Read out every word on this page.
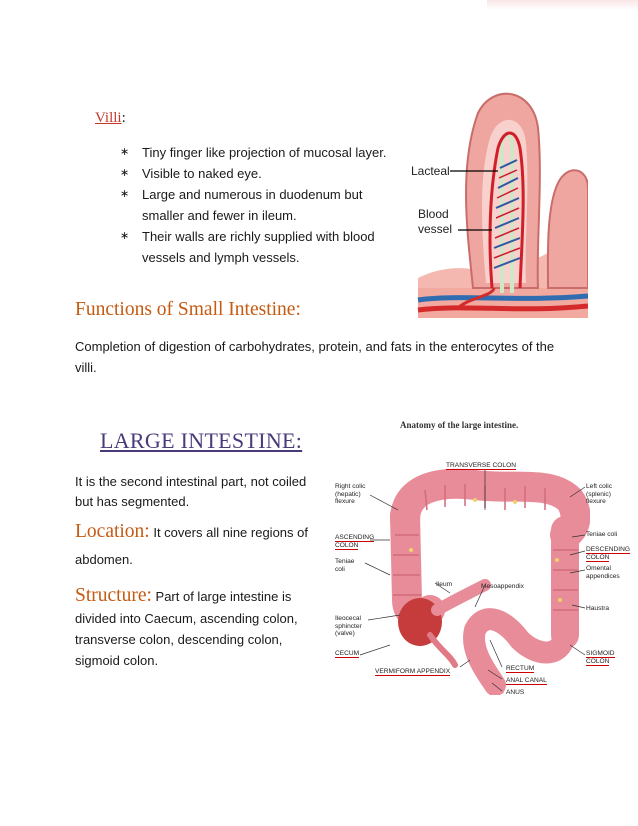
Villi:
∗ Tiny finger like projection of mucosal layer.
∗ Visible to naked eye.
∗ Large and numerous in duodenum but smaller and fewer in ileum.
∗ Their walls are richly supplied with blood vessels and lymph vessels.
Lacteal
Blood
vessel
Functions of Small Intestine:
Completion of digestion of carbohydrates, protein, and fats in the enterocytes of the villi.
LARGE INTESTINE:
It is the second intestinal part, not coiled but has segmented.
Location: It covers all nine regions of abdomen.
Structure: Part of large intestine is divided into Caecum, ascending colon, transverse colon, descending colon, sigmoid colon.
Anatomy of the large intestine.
TRANSVERSE COLON
Right colic
(hepatic)
flexure
ASCENDING
COLON
Teniae
coli
Ileum	Mesoappendix
Ileocecal
sphincter
(valve)
CECUM
VERMIFORM APPENDIX	RECTUM
ANAL CANAL
ANUS
Left colic
(splenic)
flexure
Teniae coli
DESCENDING
COLON
Omental
appendices
Haustra
SIGMOID
COLON
